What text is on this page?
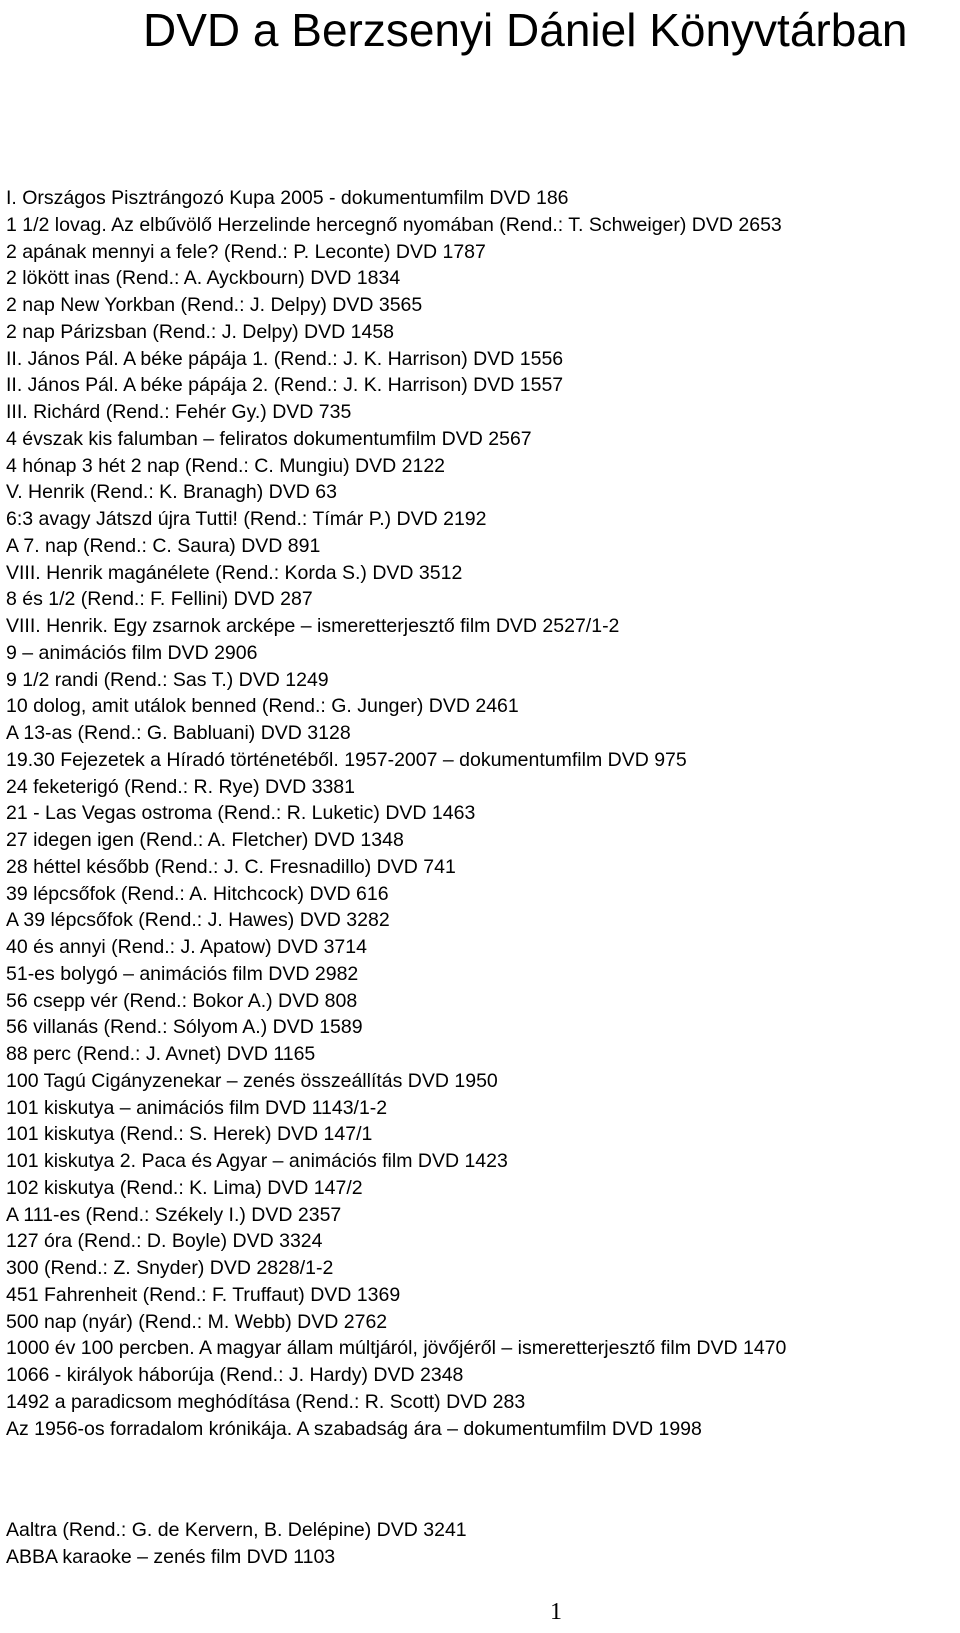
DVD a Berzsenyi Dániel Könyvtárban
I. Országos Pisztrángozó Kupa 2005 - dokumentumfilm DVD 186
1 1/2 lovag. Az elbűvölő Herzelinde hercegnő nyomában (Rend.: T. Schweiger) DVD 2653
2 apának mennyi a fele? (Rend.: P. Leconte) DVD 1787
2 lökött inas (Rend.: A. Ayckbourn) DVD 1834
2 nap New Yorkban (Rend.: J. Delpy) DVD 3565
2 nap Párizsban (Rend.: J. Delpy) DVD 1458
II. János Pál. A béke pápája 1. (Rend.: J. K. Harrison) DVD 1556
II. János Pál. A béke pápája 2. (Rend.: J. K. Harrison) DVD 1557
III. Richárd (Rend.: Fehér Gy.) DVD 735
4 évszak kis falumban – feliratos dokumentumfilm DVD 2567
4 hónap 3 hét 2 nap (Rend.: C. Mungiu) DVD 2122
V. Henrik (Rend.: K. Branagh) DVD 63
6:3 avagy Játszd újra Tutti! (Rend.: Tímár P.) DVD 2192
A 7. nap (Rend.: C. Saura) DVD 891
VIII. Henrik magánélete (Rend.: Korda S.) DVD 3512
8 és 1/2 (Rend.: F. Fellini) DVD 287
VIII. Henrik. Egy zsarnok arcképe – ismeretterjesztő film DVD 2527/1-2
9 – animációs film DVD 2906
9 1/2 randi (Rend.: Sas T.) DVD 1249
10 dolog, amit utálok benned (Rend.: G. Junger) DVD 2461
A 13-as (Rend.: G. Babluani) DVD 3128
19.30 Fejezetek a Híradó történetéből. 1957-2007 – dokumentumfilm DVD 975
24 feketerigó (Rend.: R. Rye) DVD 3381
21 - Las Vegas ostroma (Rend.: R. Luketic) DVD 1463
27 idegen igen (Rend.: A. Fletcher) DVD 1348
28 héttel később (Rend.: J. C. Fresnadillo) DVD 741
39 lépcsőfok (Rend.: A. Hitchcock) DVD 616
A 39 lépcsőfok (Rend.: J. Hawes) DVD 3282
40 és annyi (Rend.: J. Apatow) DVD 3714
51-es bolygó – animációs film DVD 2982
56 csepp vér (Rend.: Bokor A.) DVD 808
56 villanás (Rend.: Sólyom A.) DVD 1589
88 perc (Rend.: J. Avnet) DVD 1165
100 Tagú Cigányzenekar – zenés összeállítás DVD 1950
101 kiskutya – animációs film DVD 1143/1-2
101 kiskutya (Rend.: S. Herek) DVD 147/1
101 kiskutya 2. Paca és Agyar – animációs film DVD 1423
102 kiskutya (Rend.: K. Lima) DVD 147/2
A 111-es (Rend.: Székely I.) DVD 2357
127 óra (Rend.: D. Boyle) DVD 3324
300 (Rend.: Z. Snyder) DVD 2828/1-2
451 Fahrenheit (Rend.: F. Truffaut) DVD 1369
500 nap (nyár) (Rend.: M. Webb) DVD 2762
1000 év 100 percben. A magyar állam múltjáról, jövőjéről – ismeretterjesztő film DVD 1470
1066 - királyok háborúja (Rend.: J. Hardy) DVD 2348
1492 a paradicsom meghódítása (Rend.: R. Scott) DVD 283
Az 1956-os forradalom krónikája. A szabadság ára – dokumentumfilm DVD 1998
Aaltra (Rend.: G. de Kervern, B. Delépine) DVD 3241
ABBA karaoke – zenés film DVD 1103
1
